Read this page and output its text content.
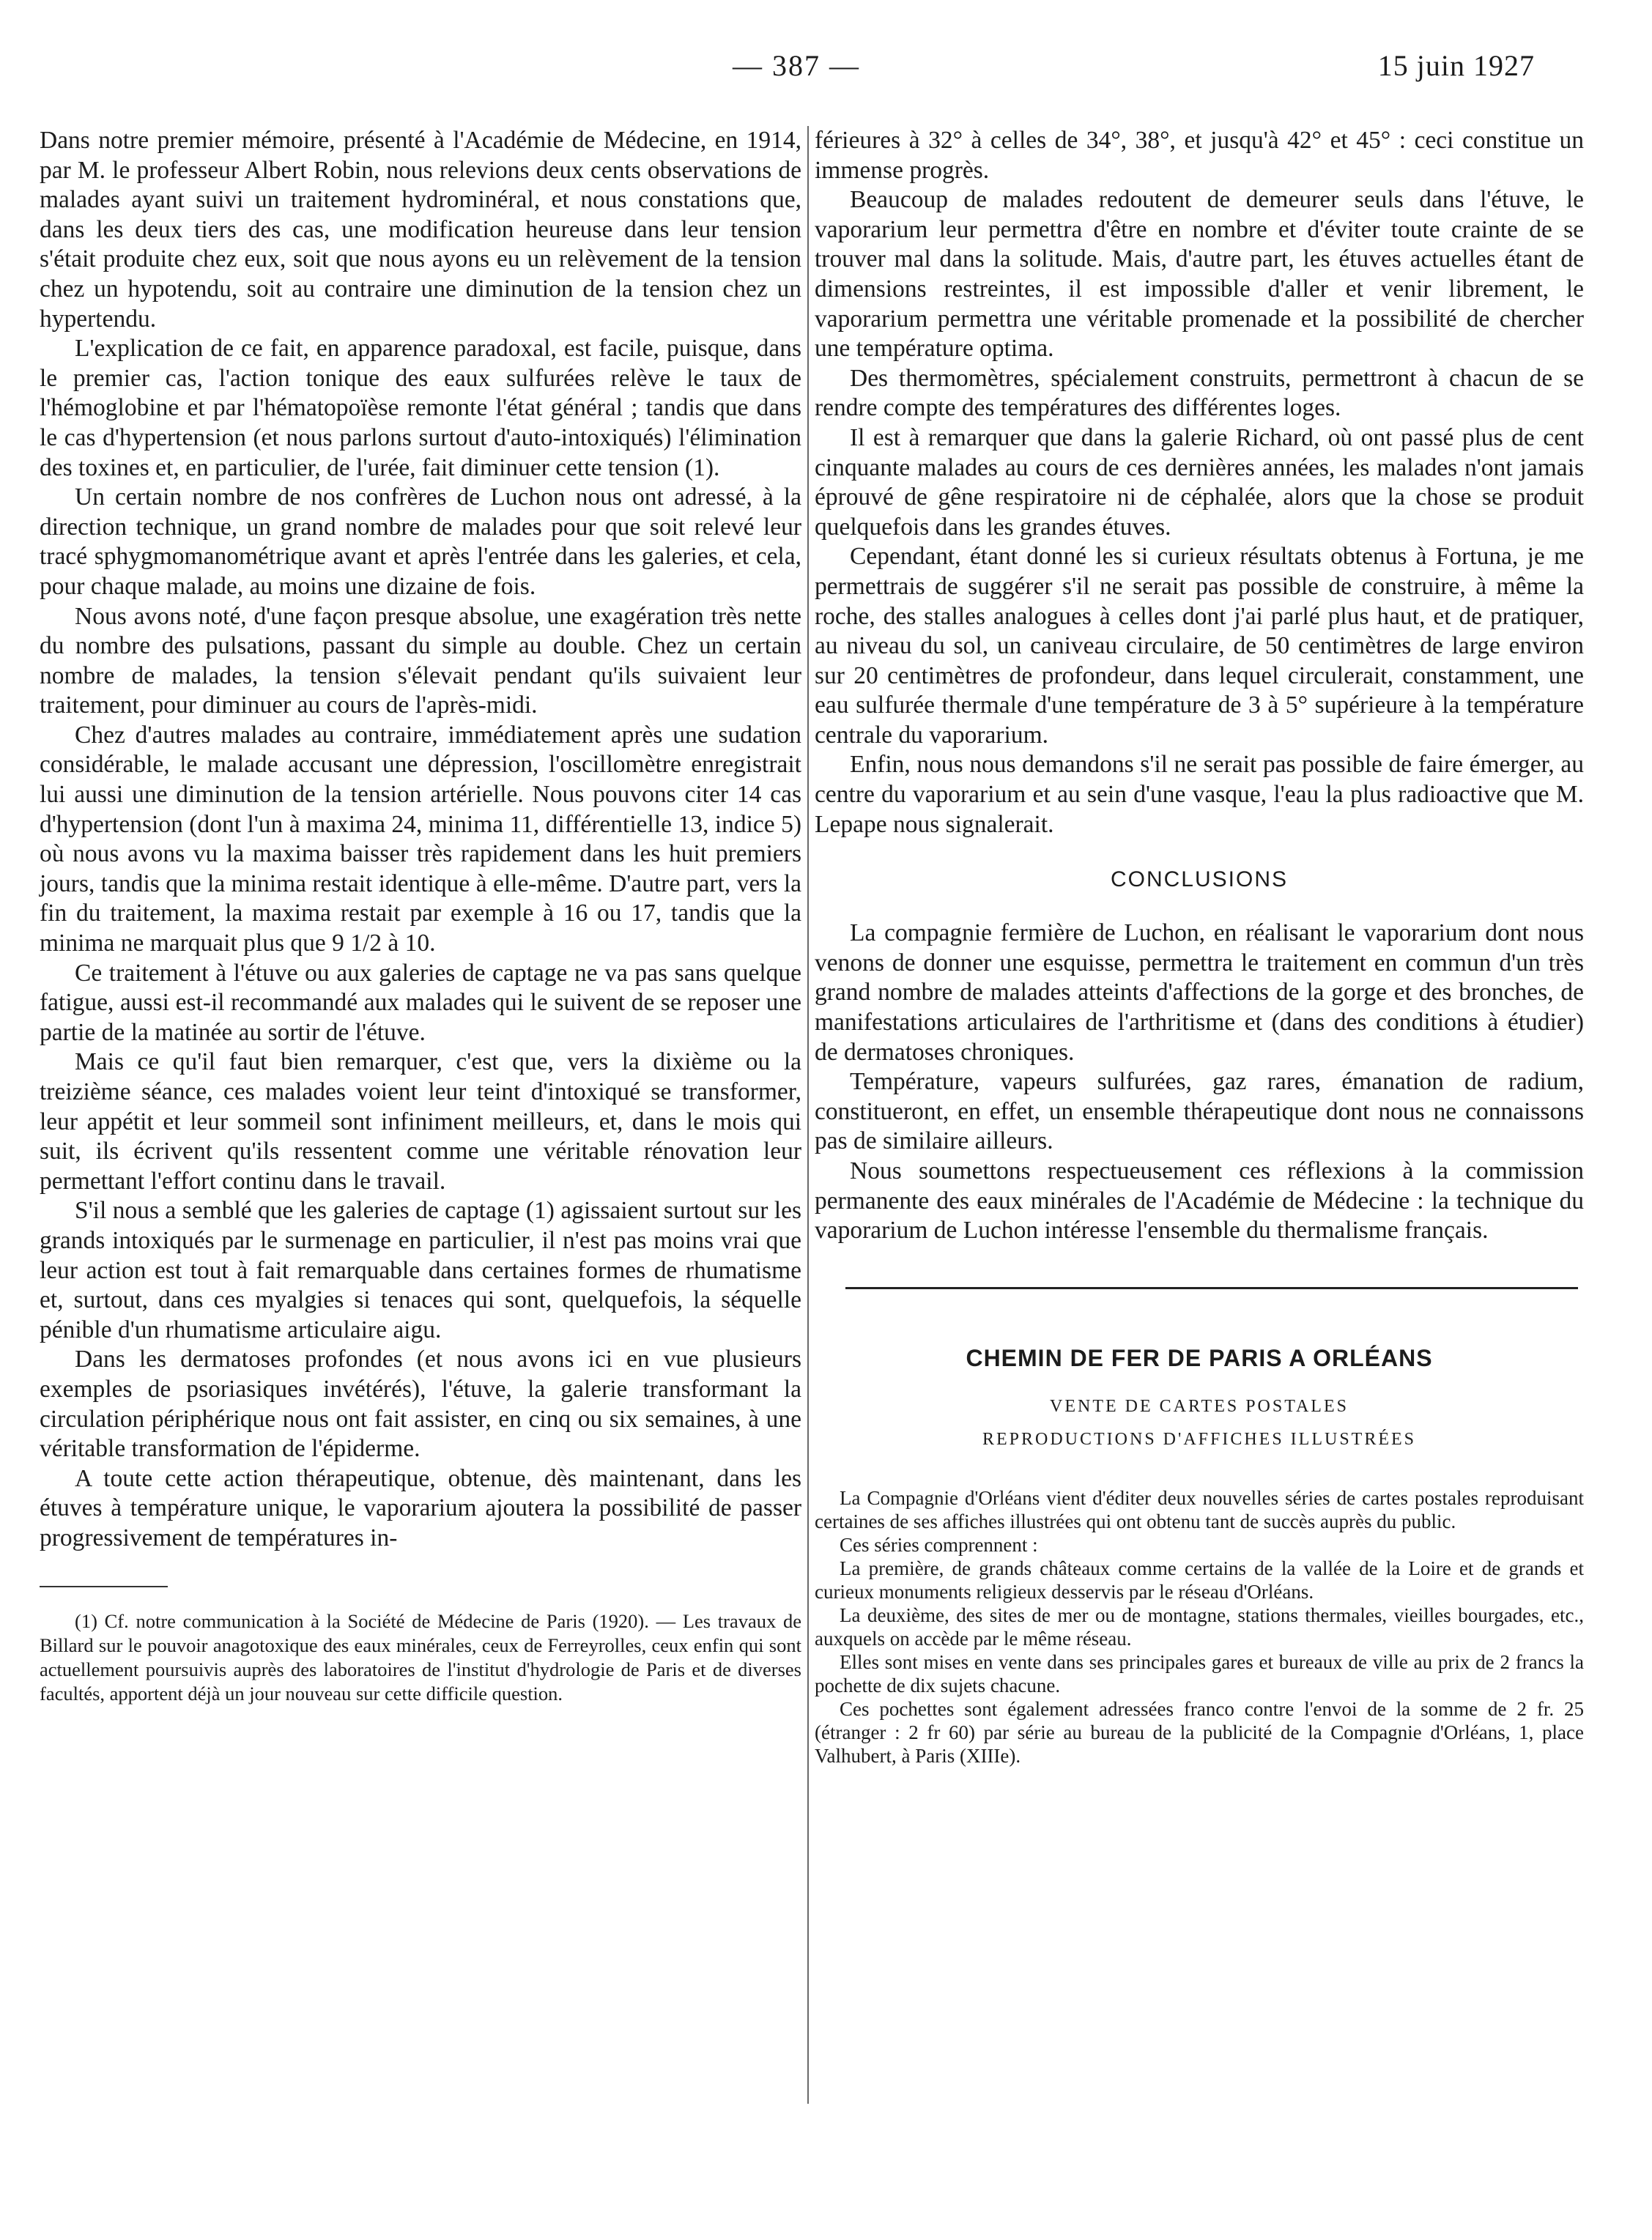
— 387 —	15 juin 1927

Dans notre premier mémoire, présenté à l'Académie de Médecine, en 1914, par M. le professeur Albert Robin, nous relevions deux cents observations de malades ayant suivi un traitement hydrominéral, et nous constations que, dans les deux tiers des cas, une modification heureuse dans leur tension s'était produite chez eux, soit que nous ayons eu un relèvement de la tension chez un hypotendu, soit au contraire une diminution de la tension chez un hypertendu.

L'explication de ce fait, en apparence paradoxal, est facile, puisque, dans le premier cas, l'action tonique des eaux sulfurées relève le taux de l'hémoglobine et par l'hématopoïèse remonte l'état général ; tandis que dans le cas d'hypertension (et nous parlons surtout d'auto-intoxiqués) l'élimination des toxines et, en particulier, de l'urée, fait diminuer cette tension (1).

Un certain nombre de nos confrères de Luchon nous ont adressé, à la direction technique, un grand nombre de malades pour que soit relevé leur tracé sphygmomanométrique avant et après l'entrée dans les galeries, et cela, pour chaque malade, au moins une dizaine de fois.

Nous avons noté, d'une façon presque absolue, une exagération très nette du nombre des pulsations, passant du simple au double. Chez un certain nombre de malades, la tension s'élevait pendant qu'ils suivaient leur traitement, pour diminuer au cours de l'après-midi.

Chez d'autres malades au contraire, immédiatement après une sudation considérable, le malade accusant une dépression, l'oscillomètre enregistrait lui aussi une diminution de la tension artérielle. Nous pouvons citer 14 cas d'hypertension (dont l'un à maxima 24, minima 11, différentielle 13, indice 5) où nous avons vu la maxima baisser très rapidement dans les huit premiers jours, tandis que la minima restait identique à elle-même. D'autre part, vers la fin du traitement, la maxima restait par exemple à 16 ou 17, tandis que la minima ne marquait plus que 9 1/2 à 10.

Ce traitement à l'étuve ou aux galeries de captage ne va pas sans quelque fatigue, aussi est-il recommandé aux malades qui le suivent de se reposer une partie de la matinée au sortir de l'étuve.

Mais ce qu'il faut bien remarquer, c'est que, vers la dixième ou la treizième séance, ces malades voient leur teint d'intoxiqué se transformer, leur appétit et leur sommeil sont infiniment meilleurs, et, dans le mois qui suit, ils écrivent qu'ils ressentent comme une véritable rénovation leur permettant l'effort continu dans le travail.

S'il nous a semblé que les galeries de captage (1) agissaient surtout sur les grands intoxiqués par le surmenage en particulier, il n'est pas moins vrai que leur action est tout à fait remarquable dans certaines formes de rhumatisme et, surtout, dans ces myalgies si tenaces qui sont, quelquefois, la séquelle pénible d'un rhumatisme articulaire aigu.

Dans les dermatoses profondes (et nous avons ici en vue plusieurs exemples de psoriasiques invétérés), l'étuve, la galerie transformant la circulation périphérique nous ont fait assister, en cinq ou six semaines, à une véritable transformation de l'épiderme.

A toute cette action thérapeutique, obtenue, dès maintenant, dans les étuves à température unique, le vaporarium ajoutera la possibilité de passer progressivement de températures in-

(1) Cf. notre communication à la Société de Médecine de Paris (1920). — Les travaux de Billard sur le pouvoir anagotoxique des eaux minérales, ceux de Ferreyrolles, ceux enfin qui sont actuellement poursuivis auprès des laboratoires de l'institut d'hydrologie de Paris et de diverses facultés, apportent déjà un jour nouveau sur cette difficile question.

férieures à 32° à celles de 34°, 38°, et jusqu'à 42° et 45° : ceci constitue un immense progrès.

Beaucoup de malades redoutent de demeurer seuls dans l'étuve, le vaporarium leur permettra d'être en nombre et d'éviter toute crainte de se trouver mal dans la solitude. Mais, d'autre part, les étuves actuelles étant de dimensions restreintes, il est impossible d'aller et venir librement, le vaporarium permettra une véritable promenade et la possibilité de chercher une température optima.

Des thermomètres, spécialement construits, permettront à chacun de se rendre compte des températures des différentes loges.

Il est à remarquer que dans la galerie Richard, où ont passé plus de cent cinquante malades au cours de ces dernières années, les malades n'ont jamais éprouvé de gêne respiratoire ni de céphalée, alors que la chose se produit quelquefois dans les grandes étuves.

Cependant, étant donné les si curieux résultats obtenus à Fortuna, je me permettrais de suggérer s'il ne serait pas possible de construire, à même la roche, des stalles analogues à celles dont j'ai parlé plus haut, et de pratiquer, au niveau du sol, un caniveau circulaire, de 50 centimètres de large environ sur 20 centimètres de profondeur, dans lequel circulerait, constamment, une eau sulfurée thermale d'une température de 3 à 5° supérieure à la température centrale du vaporarium.

Enfin, nous nous demandons s'il ne serait pas possible de faire émerger, au centre du vaporarium et au sein d'une vasque, l'eau la plus radioactive que M. Lepape nous signalerait.

CONCLUSIONS

La compagnie fermière de Luchon, en réalisant le vaporarium dont nous venons de donner une esquisse, permettra le traitement en commun d'un très grand nombre de malades atteints d'affections de la gorge et des bronches, de manifestations articulaires de l'arthritisme et (dans des conditions à étudier) de dermatoses chroniques.

Température, vapeurs sulfurées, gaz rares, émanation de radium, constitueront, en effet, un ensemble thérapeutique dont nous ne connaissons pas de similaire ailleurs.

Nous soumettons respectueusement ces réflexions à la commission permanente des eaux minérales de l'Académie de Médecine : la technique du vaporarium de Luchon intéresse l'ensemble du thermalisme français.

CHEMIN DE FER DE PARIS A ORLÉANS

VENTE DE CARTES POSTALES

REPRODUCTIONS D'AFFICHES ILLUSTRÉES

La Compagnie d'Orléans vient d'éditer deux nouvelles séries de cartes postales reproduisant certaines de ses affiches illustrées qui ont obtenu tant de succès auprès du public.

Ces séries comprennent :

La première, de grands châteaux comme certains de la vallée de la Loire et de grands et curieux monuments religieux desservis par le réseau d'Orléans.

La deuxième, des sites de mer ou de montagne, stations thermales, vieilles bourgades, etc., auxquels on accède par le même réseau.

Elles sont mises en vente dans ses principales gares et bureaux de ville au prix de 2 francs la pochette de dix sujets chacune.

Ces pochettes sont également adressées franco contre l'envoi de la somme de 2 fr. 25 (étranger : 2 fr 60) par série au bureau de la publicité de la Compagnie d'Orléans, 1, place Valhubert, à Paris (XIIIe).
